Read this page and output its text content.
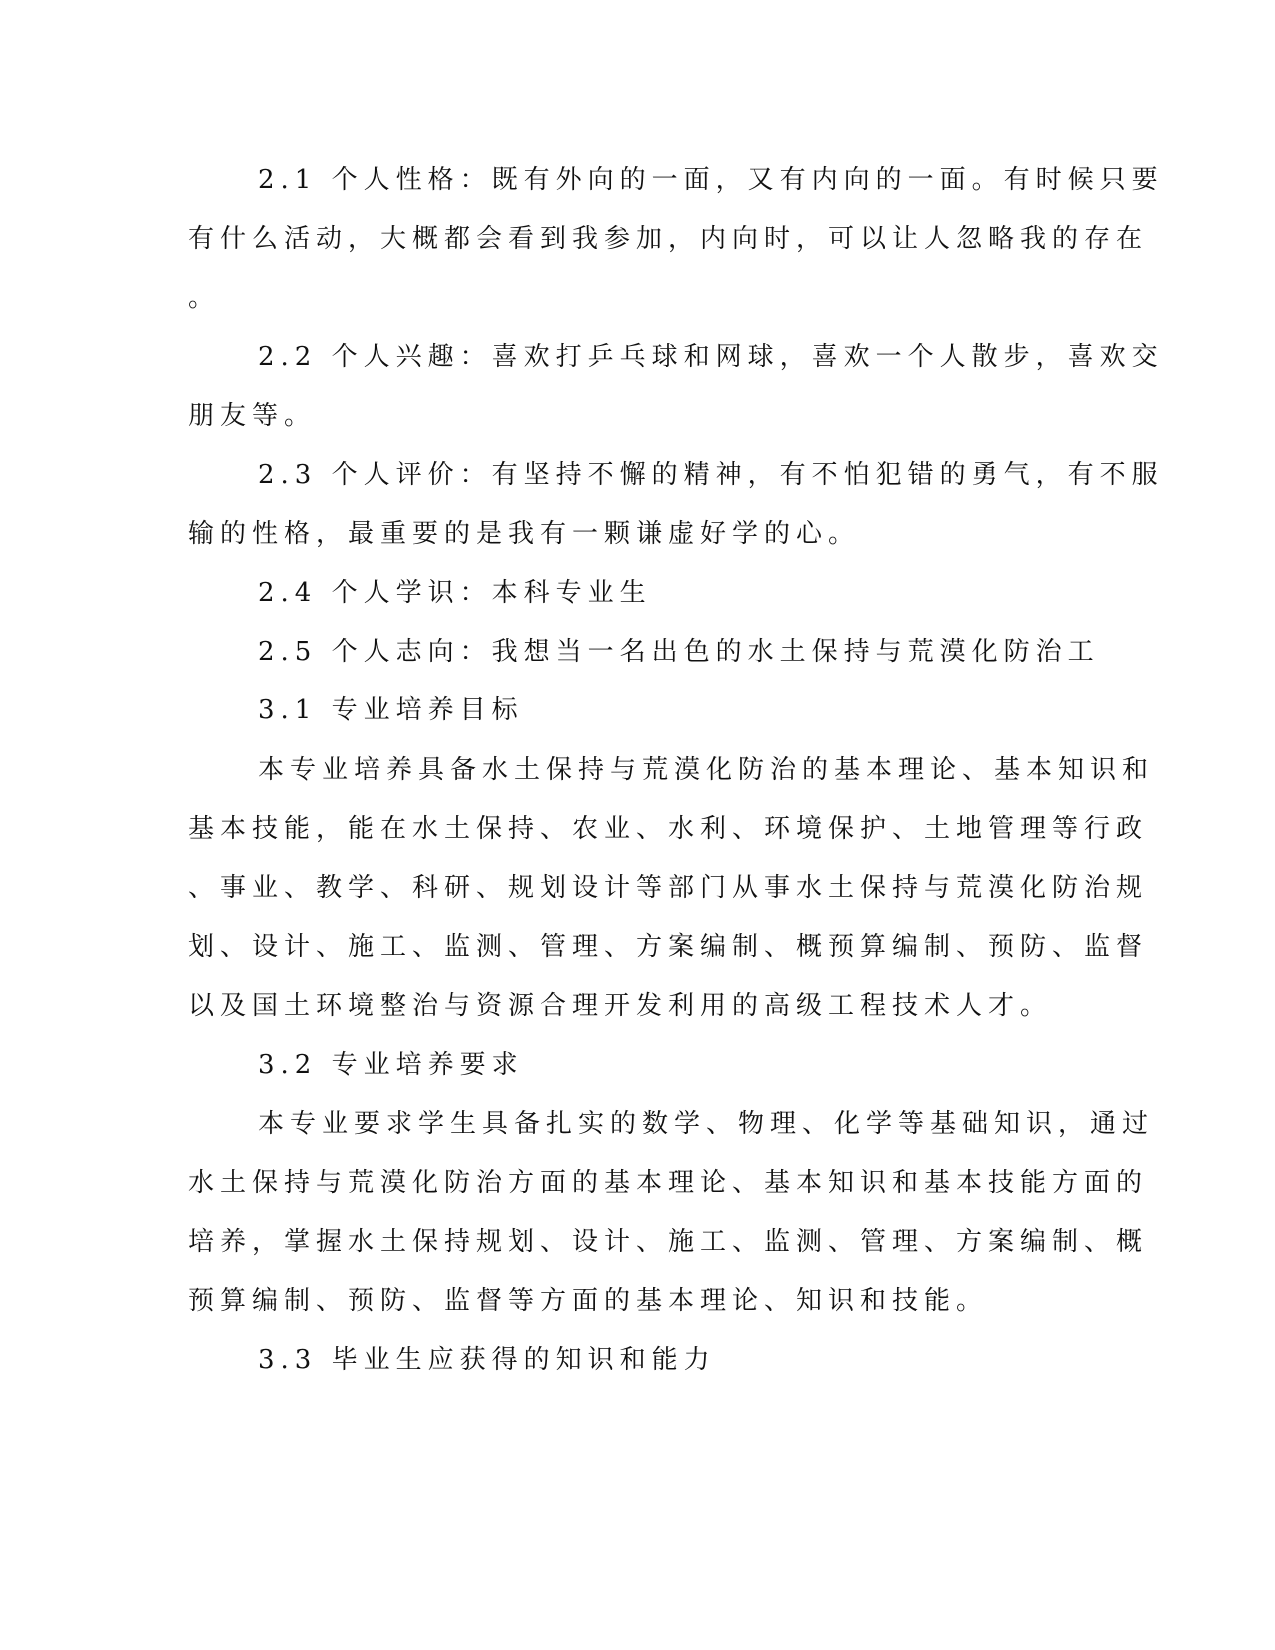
2.1 个人性格：既有外向的一面，又有内向的一面。有时候只要
有什么活动，大概都会看到我参加，内向时，可以让人忽略我的存在
。
2.2 个人兴趣：喜欢打乒乓球和网球，喜欢一个人散步，喜欢交
朋友等。
2.3 个人评价：有坚持不懈的精神，有不怕犯错的勇气，有不服
输的性格，最重要的是我有一颗谦虚好学的心。
2.4 个人学识：本科专业生
2.5 个人志向：我想当一名出色的水土保持与荒漠化防治工
3.1 专业培养目标
本专业培养具备水土保持与荒漠化防治的基本理论、基本知识和
基本技能，能在水土保持、农业、水利、环境保护、土地管理等行政
、事业、教学、科研、规划设计等部门从事水土保持与荒漠化防治规
划、设计、施工、监测、管理、方案编制、概预算编制、预防、监督
以及国土环境整治与资源合理开发利用的高级工程技术人才。
3.2 专业培养要求
本专业要求学生具备扎实的数学、物理、化学等基础知识，通过
水土保持与荒漠化防治方面的基本理论、基本知识和基本技能方面的
培养，掌握水土保持规划、设计、施工、监测、管理、方案编制、概
预算编制、预防、监督等方面的基本理论、知识和技能。
3.3 毕业生应获得的知识和能力
